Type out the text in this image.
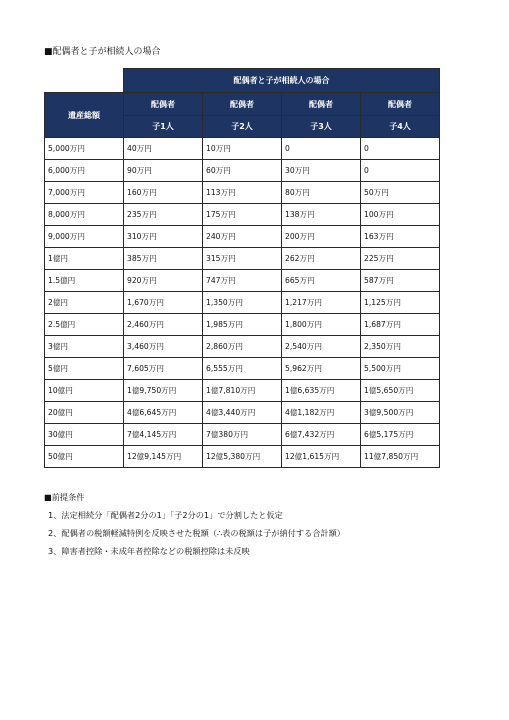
■配偶者と子が相続人の場合
	配偶者と子が相続人の場合			
遺産総額	配偶者	配偶者	配偶者	配偶者
	子1人	子2人	子3人	子4人
5,000万円	40万円	10万円	0	0
6,000万円	90万円	60万円	30万円	0
7,000万円	160万円	113万円	80万円	50万円
8,000万円	235万円	175万円	138万円	100万円
9,000万円	310万円	240万円	200万円	163万円
1億円	385万円	315万円	262万円	225万円
1.5億円	920万円	747万円	665万円	587万円
2億円	1,670万円	1,350万円	1,217万円	1,125万円
2.5億円	2,460万円	1,985万円	1,800万円	1,687万円
3億円	3,460万円	2,860万円	2,540万円	2,350万円
5億円	7,605万円	6,555万円	5,962万円	5,500万円
10億円	1億9,750万円	1億7,810万円	1億6,635万円	1億5,650万円
20億円	4億6,645万円	4億3,440万円	4億1,182万円	3億9,500万円
30億円	7億4,145万円	7億380万円	6億7,432万円	6億5,175万円
50億円	12億9,145万円	12億5,380万円	12億1,615万円	11億7,850万円
■前提条件
1、法定相続分「配偶者2分の1」「子2分の1」で分割したと仮定
2、配偶者の税額軽減特例を反映させた税額（∴表の税額は子が納付する合計額）
3、障害者控除・未成年者控除などの税額控除は未反映
